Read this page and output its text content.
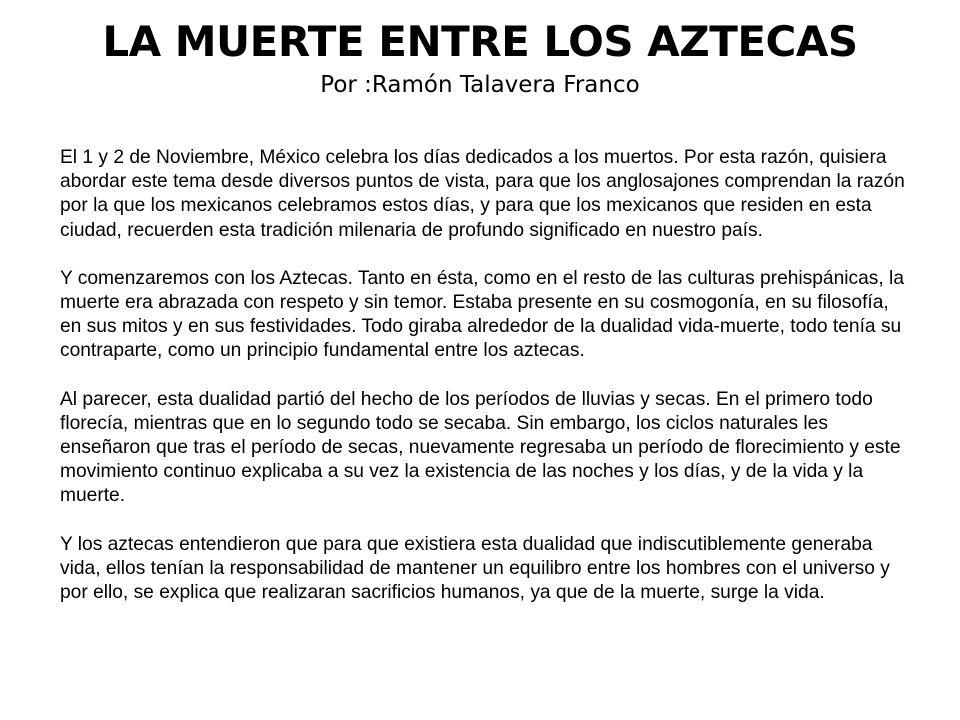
LA MUERTE ENTRE LOS AZTECAS

Por :Ramón Talavera Franco

El 1 y 2 de Noviembre, México celebra los días dedicados a los muertos. Por esta razón, quisiera abordar este tema desde diversos puntos de vista, para que los anglosajones comprendan la razón por la que los mexicanos celebramos estos días, y para que los mexicanos que residen en esta ciudad, recuerden esta tradición milenaria de profundo significado en nuestro país.

Y comenzaremos con los Aztecas. Tanto en ésta, como en el resto de las culturas prehispánicas, la muerte era abrazada con respeto y sin temor. Estaba presente en su cosmogonía, en su filosofía, en sus mitos y en sus festividades. Todo giraba alrededor de la dualidad vida-muerte, todo tenía su contraparte, como un principio fundamental entre los aztecas.

Al parecer, esta dualidad partió del hecho de los períodos de lluvias y secas. En el primero todo florecía, mientras que en lo segundo todo se secaba. Sin embargo, los ciclos naturales les enseñaron que tras el período de secas, nuevamente regresaba un período de florecimiento y este movimiento continuo explicaba a su vez la existencia de las noches y los días, y de la vida y la muerte.

Y los aztecas entendieron que para que existiera esta dualidad que indiscutiblemente generaba vida, ellos tenían la responsabilidad de mantener un equilibro entre los hombres con el universo y por ello, se explica que realizaran sacrificios humanos, ya que de la muerte, surge la vida.
